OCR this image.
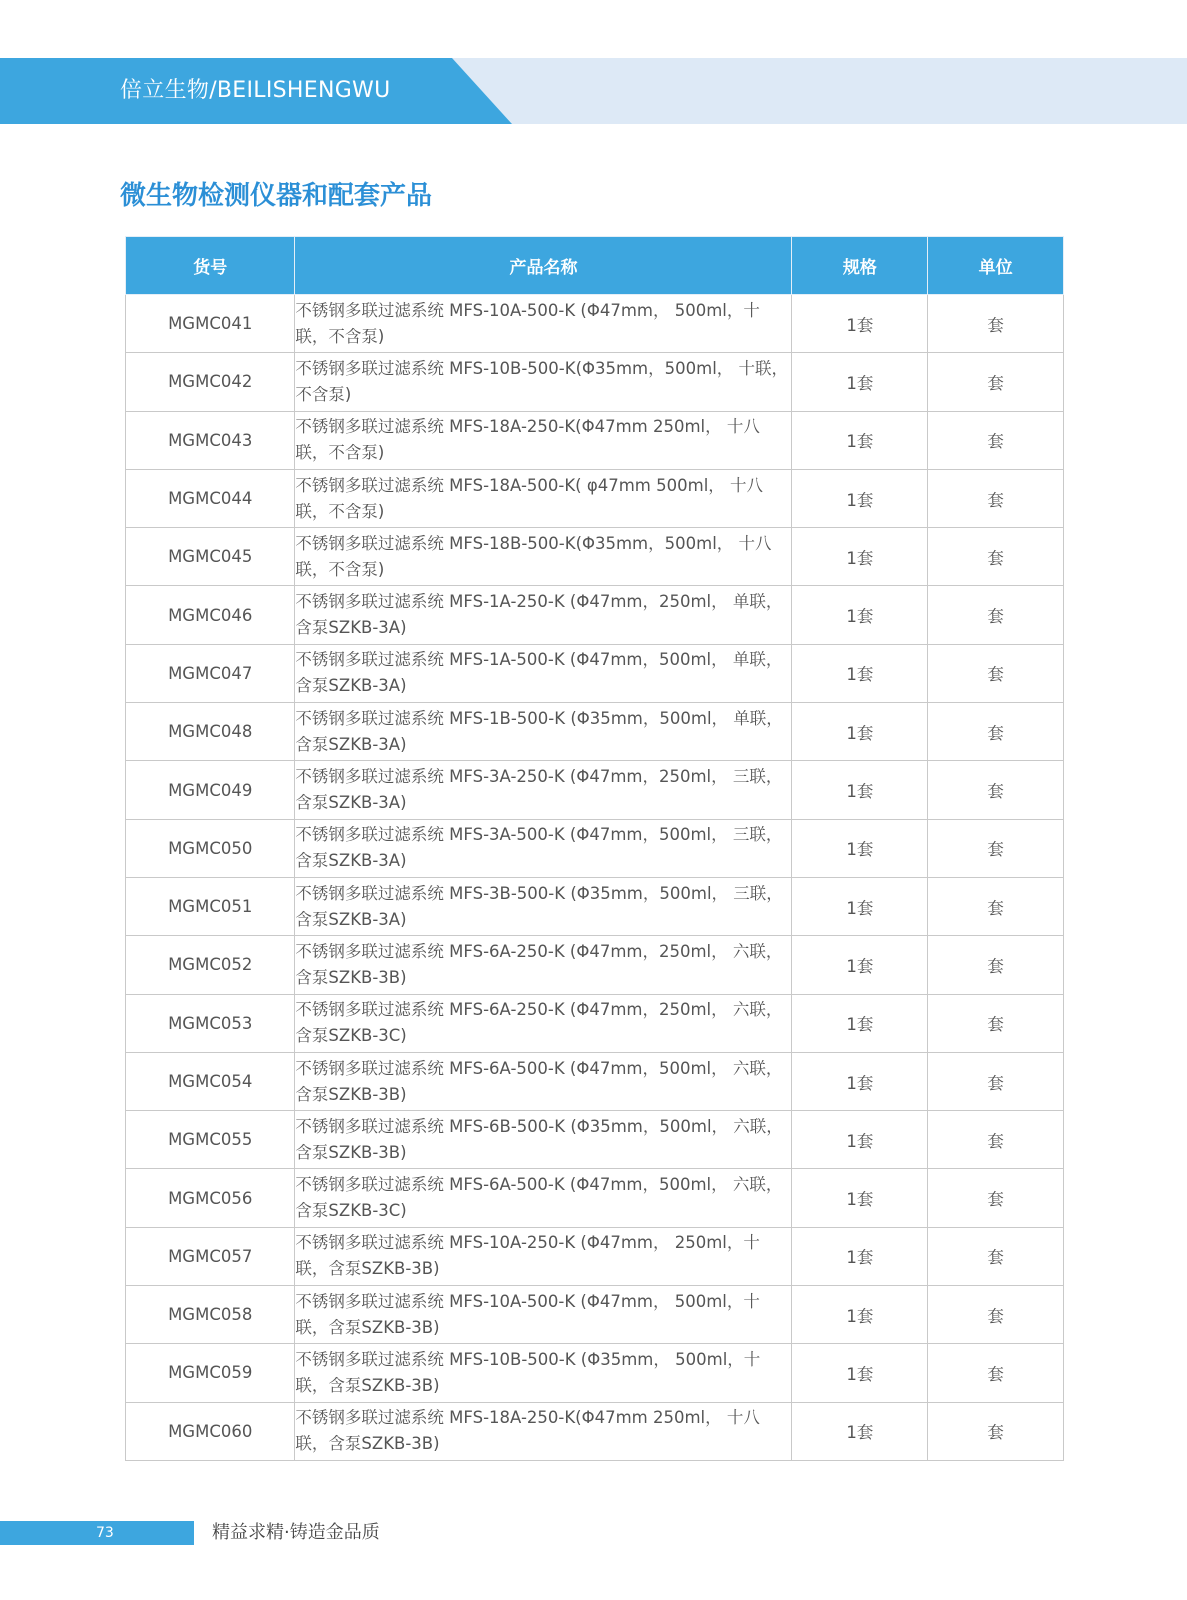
倍立生物/BEILISHENGWU
微生物检测仪器和配套产品
货号	产品名称	规格	单位
MGMC041	不锈钢多联过滤系统 MFS-10A-500-K (Φ47mm， 500ml，十联，不含泵)	1套	套
MGMC042	不锈钢多联过滤系统 MFS-10B-500-K(Φ35mm，500ml， 十联，不含泵)	1套	套
MGMC043	不锈钢多联过滤系统 MFS-18A-250-K(Φ47mm 250ml， 十八联，不含泵)	1套	套
MGMC044	不锈钢多联过滤系统 MFS-18A-500-K( φ47mm 500ml， 十八联，不含泵)	1套	套
MGMC045	不锈钢多联过滤系统 MFS-18B-500-K(Φ35mm，500ml， 十八联，不含泵)	1套	套
MGMC046	不锈钢多联过滤系统 MFS-1A-250-K (Φ47mm，250ml， 单联，含泵SZKB-3A)	1套	套
MGMC047	不锈钢多联过滤系统 MFS-1A-500-K (Φ47mm，500ml， 单联，含泵SZKB-3A)	1套	套
MGMC048	不锈钢多联过滤系统 MFS-1B-500-K (Φ35mm，500ml， 单联，含泵SZKB-3A)	1套	套
MGMC049	不锈钢多联过滤系统 MFS-3A-250-K (Φ47mm，250ml， 三联，含泵SZKB-3A)	1套	套
MGMC050	不锈钢多联过滤系统 MFS-3A-500-K (Φ47mm，500ml， 三联，含泵SZKB-3A)	1套	套
MGMC051	不锈钢多联过滤系统 MFS-3B-500-K (Φ35mm，500ml， 三联，含泵SZKB-3A)	1套	套
MGMC052	不锈钢多联过滤系统 MFS-6A-250-K (Φ47mm，250ml， 六联，含泵SZKB-3B)	1套	套
MGMC053	不锈钢多联过滤系统 MFS-6A-250-K (Φ47mm，250ml， 六联，含泵SZKB-3C)	1套	套
MGMC054	不锈钢多联过滤系统 MFS-6A-500-K (Φ47mm，500ml， 六联，含泵SZKB-3B)	1套	套
MGMC055	不锈钢多联过滤系统 MFS-6B-500-K (Φ35mm，500ml， 六联，含泵SZKB-3B)	1套	套
MGMC056	不锈钢多联过滤系统 MFS-6A-500-K (Φ47mm，500ml， 六联，含泵SZKB-3C)	1套	套
MGMC057	不锈钢多联过滤系统 MFS-10A-250-K (Φ47mm， 250ml，十联，含泵SZKB-3B)	1套	套
MGMC058	不锈钢多联过滤系统 MFS-10A-500-K (Φ47mm， 500ml，十联，含泵SZKB-3B)	1套	套
MGMC059	不锈钢多联过滤系统 MFS-10B-500-K (Φ35mm， 500ml，十联，含泵SZKB-3B)	1套	套
MGMC060	不锈钢多联过滤系统 MFS-18A-250-K(Φ47mm 250ml， 十八联，含泵SZKB-3B)	1套	套
73	精益求精·铸造金品质
